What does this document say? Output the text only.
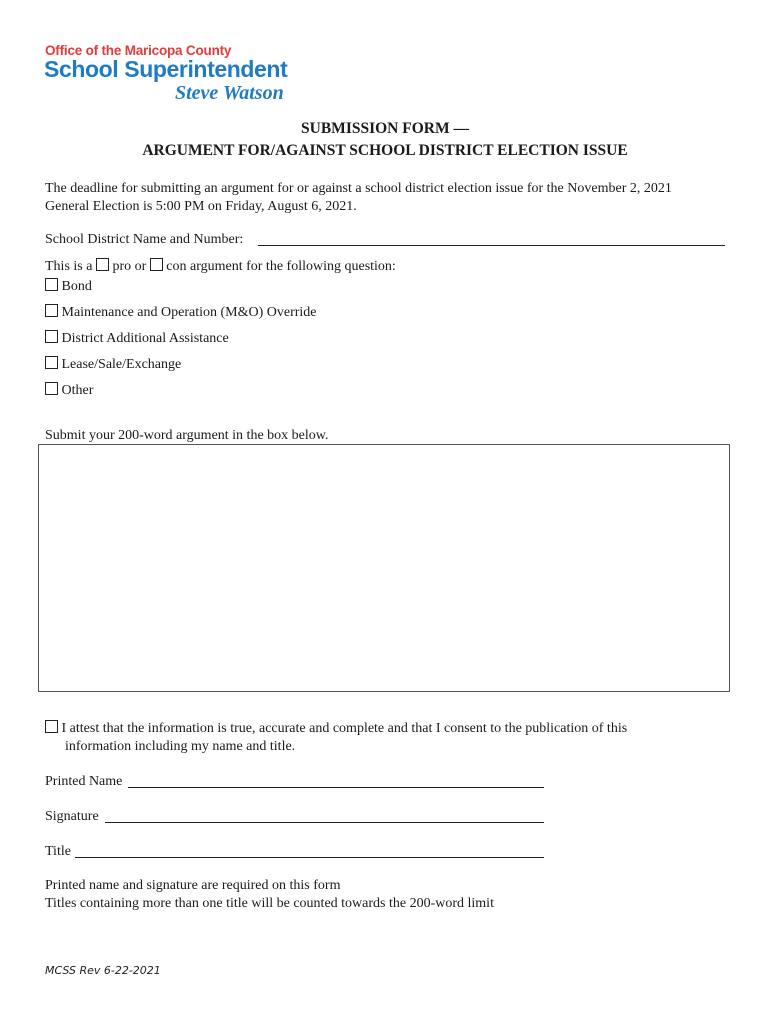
Office of the Maricopa County
School Superintendent
Steve Watson
SUBMISSION FORM —
ARGUMENT FOR/AGAINST SCHOOL DISTRICT ELECTION ISSUE
The deadline for submitting an argument for or against a school district election issue for the November 2, 2021
General Election is 5:00 PM on Friday, August 6, 2021.
School District Name and Number:
This is a pro or con argument for the following question:
Bond
Maintenance and Operation (M&O) Override
District Additional Assistance
Lease/Sale/Exchange
Other
Submit your 200-word argument in the box below.
I attest that the information is true, accurate and complete and that I consent to the publication of this
information including my name and title.
Printed Name
Signature
Title
Printed name and signature are required on this form
Titles containing more than one title will be counted towards the 200-word limit
MCSS Rev 6-22-2021
